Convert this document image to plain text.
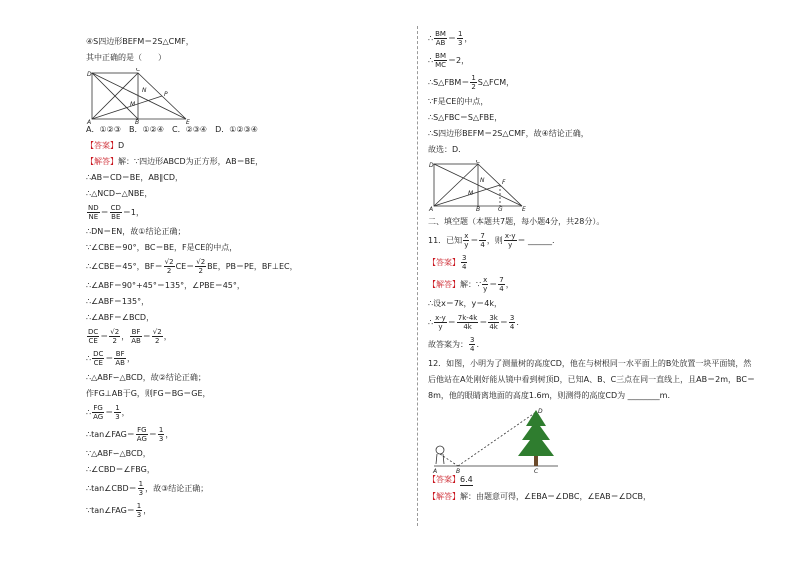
④S四边形BEFM＝2S△CMF，
其中正确的是（　　）
D
C
N
P
M
A	B	E
A．①②③　B．①②④　C．②③④　D．①②③④
【答案】D
【解答】解：∵四边形ABCD为正方形，AB＝BE，
∴AB＝CD＝BE，AB∥CD，
∴△NCD∽△NBE，
$\frac{ND}{NE} = \frac{CD}{BE} =1$，
∴DN＝EN，故①结论正确；
∵∠CBE＝90°，BC＝BE，F是CE的中点，
∴∠CBE＝45°，$BF= \frac{√2}{2} CE= \frac{√2}{2}$ BE，PB＝PE，BF⊥EC，
∴∠ABF＝90°+45°＝135°，∠PBE＝45°，
∴∠ABF＝135°，
∴∠ABF＝∠BCD，
$\frac{DC}{CE} = \frac{√2}{2}$ ， $\frac{BF}{AB} = \frac{√2}{2}$ ，
∴ $\frac{DC}{CE} = \frac{BF}{AB}$ ，
∴△ABF∽△BCD，故②结论正确；
作FG⊥AB于G，则FG＝BG＝GE，
∴ $\frac{FG}{AG} = \frac{1}{3}$ ，
∴tan∠FAG＝ $\frac{FG}{AG} = \frac{1}{3}$ ，
∵△ABF∽△BCD，
∴∠CBD＝∠FBG，
∴tan∠CBD＝ $\frac{1}{3}$ ，故③结论正确；
∵tan∠FAG＝ $\frac{1}{3}$ ，
∴ $\frac{BM}{AB} = \frac{1}{3}$ ，
∴ $\frac{BM}{MC} =2$，
∴S△FBM＝ $\frac{1}{2}$ S△FCM，
∵F是CE的中点，
∴S△FBC＝S△FBE，
∴S四边形BEFM＝2S△CMF，故④结论正确，
故选：D．
D
C
N	F
M
A	B	G	E
二、填空题（本题共7题，每小题4分，共28分）。
11．已知 $\frac{x}{y} = \frac{7}{4}$ ，则 $\frac{x-y}{y}$ ＝ ______.
【答案】 $\frac{3}{4}$
【解答】解：∵ $\frac{x}{y} = \frac{7}{4}$ ，
∴设x＝7k，y＝4k，
∴ $\frac{x-y}{y} = \frac{7k-4k}{4k} = \frac{3k}{4k} = \frac{3}{4}$ .
故答案为： $\frac{3}{4}$ .
12．如图，小明为了测量树的高度CD，他在与树根同一水平面上的B处放置一块平面镜，然
后他站在A处刚好能从镜中看到树顶D，已知A、B、C三点在同一直线上，且AB＝2m，BC＝
8m，他的眼睛离地面的高度1.6m，则测得的高度CD为 ________m.
D
A	B	C
【答案】6.4
【解答】解：由题意可得，∠EBA＝∠DBC，∠EAB＝∠DCB，
